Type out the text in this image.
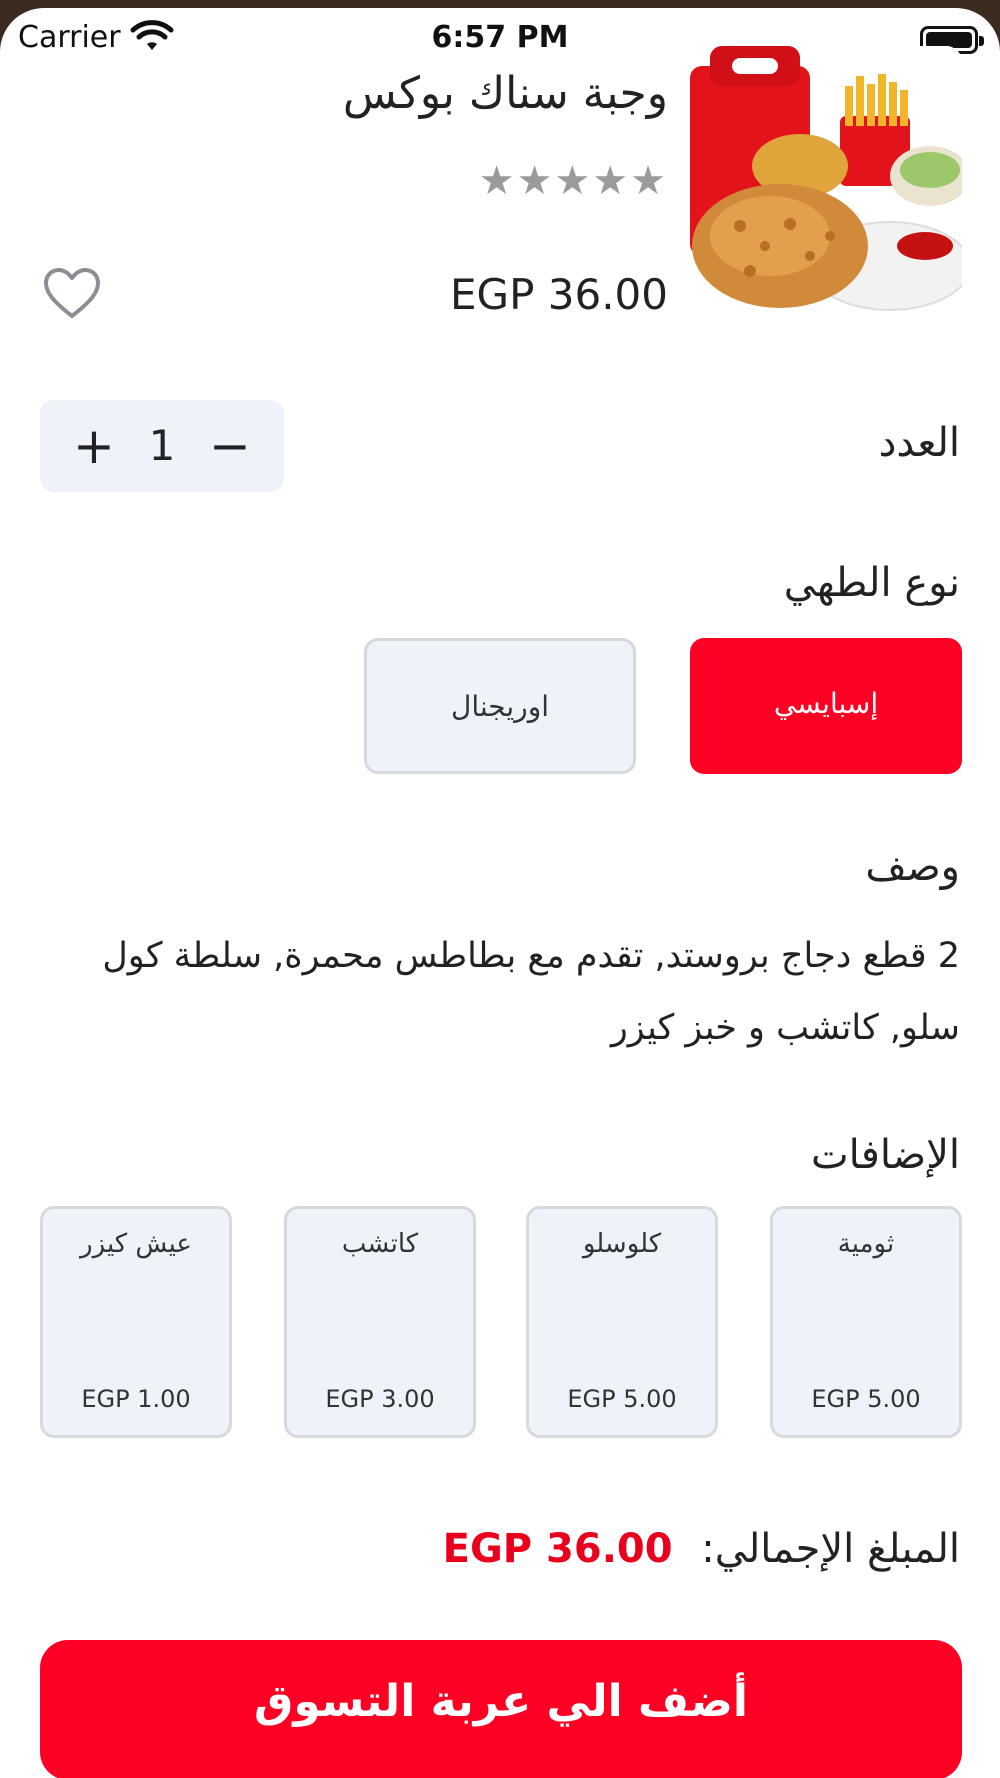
Carrier	6:57 PM
وجبة سناك بوكس
★★★★★
EGP 36.00
العدد
+ 1 −
نوع الطهي
إسبايسي
اوريجنال
وصف
2 قطع دجاج بروستد, تقدم مع بطاطس محمرة, سلطة كول سلو, كاتشب و خبز كيزر
الإضافات
ثومية
EGP 5.00
كلوسلو
EGP 5.00
كاتشب
EGP 3.00
عيش كيزر
EGP 1.00
المبلغ الإجمالي: EGP 36.00
أضف الي عربة التسوق
